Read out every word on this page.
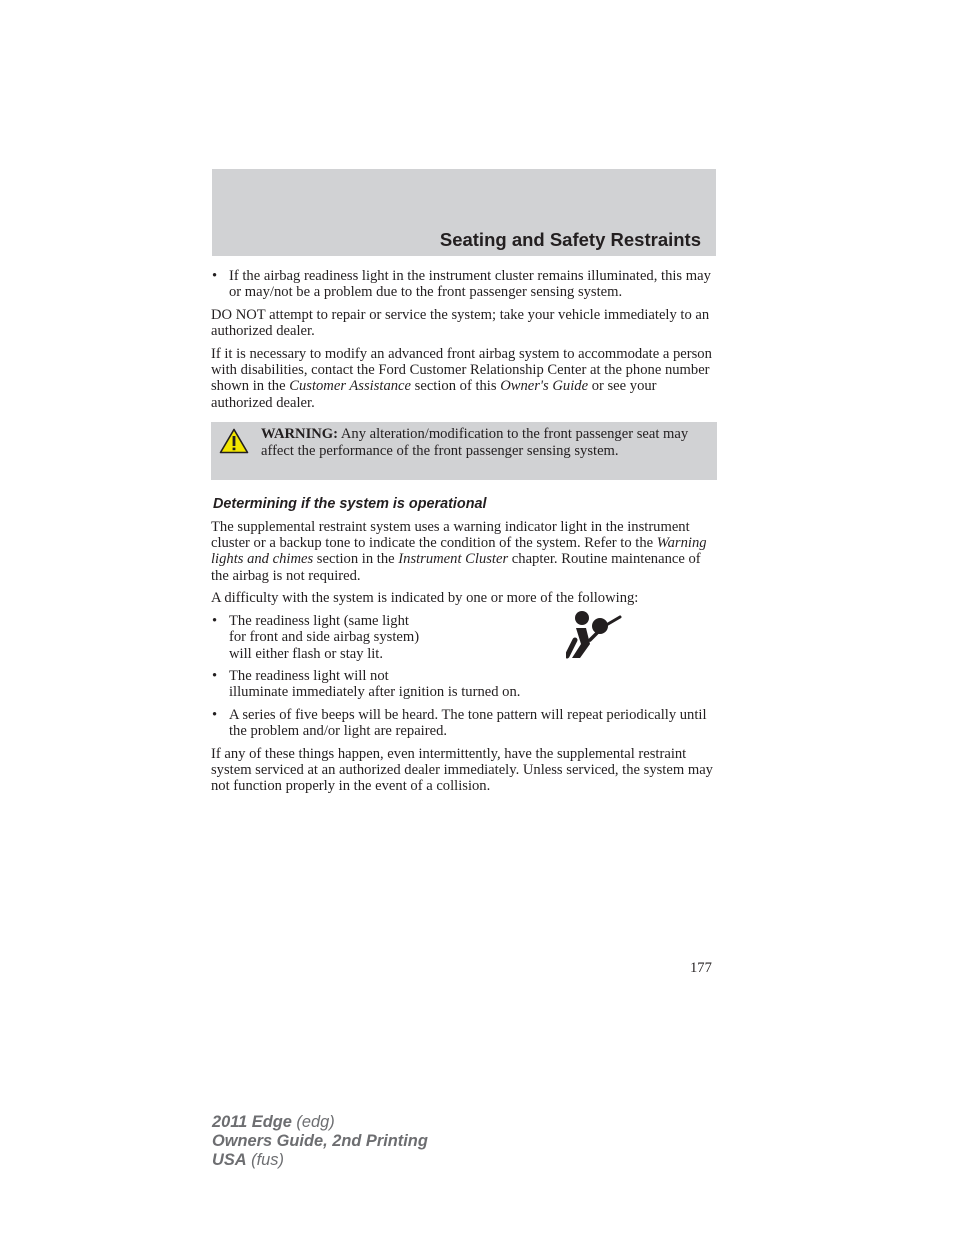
Seating and Safety Restraints
• If the airbag readiness light in the instrument cluster remains illuminated, this may or may/not be a problem due to the front passenger sensing system.

DO NOT attempt to repair or service the system; take your vehicle immediately to an authorized dealer.

If it is necessary to modify an advanced front airbag system to accommodate a person with disabilities, contact the Ford Customer Relationship Center at the phone number shown in the Customer Assistance section of this Owner's Guide or see your authorized dealer.

WARNING: Any alteration/modification to the front passenger seat may affect the performance of the front passenger sensing system.
Determining if the system is operational

The supplemental restraint system uses a warning indicator light in the instrument cluster or a backup tone to indicate the condition of the system. Refer to the Warning lights and chimes section in the Instrument Cluster chapter. Routine maintenance of the airbag is not required.

A difficulty with the system is indicated by one or more of the following:

• The readiness light (same light
for front and side airbag system)
will either flash or stay lit.
• The readiness light will not
illuminate immediately after ignition is turned on.
• A series of five beeps will be heard. The tone pattern will repeat periodically until the problem and/or light are repaired.

If any of these things happen, even intermittently, have the supplemental restraint system serviced at an authorized dealer immediately. Unless serviced, the system may not function properly in the event of a collision.

177
2011 Edge (edg)
Owners Guide, 2nd Printing
USA (fus)
